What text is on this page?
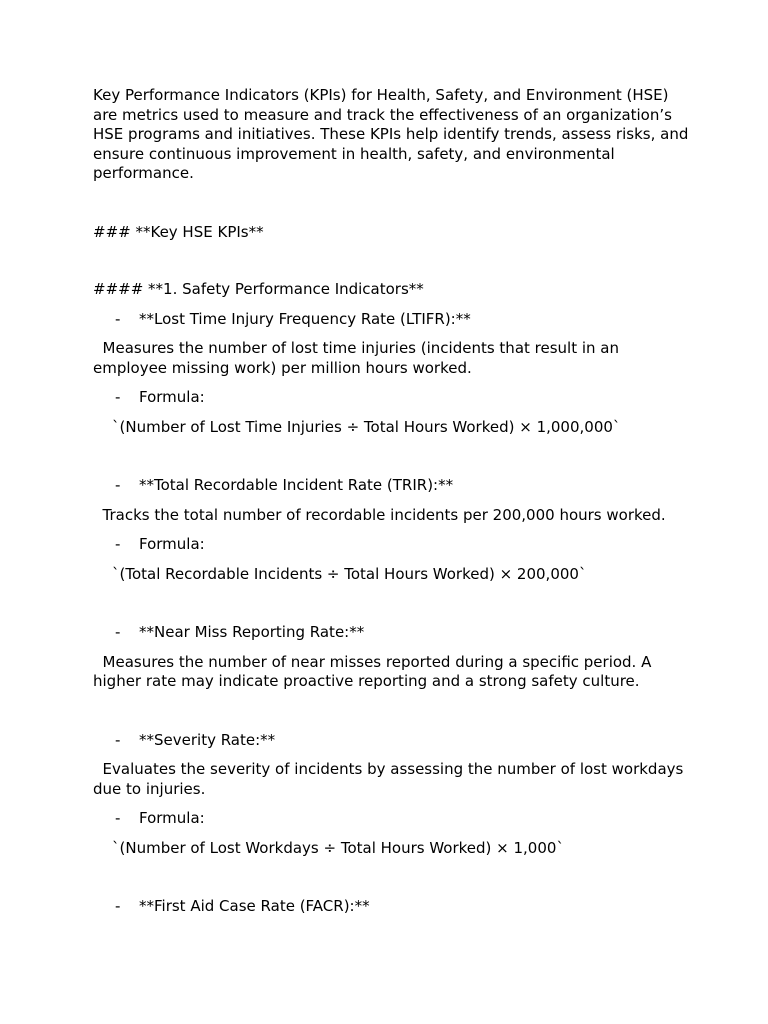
Key Performance Indicators (KPIs) for Health, Safety, and Environment (HSE) are metrics used to measure and track the effectiveness of an organization’s HSE programs and initiatives. These KPIs help identify trends, assess risks, and ensure continuous improvement in health, safety, and environmental performance.

### **Key HSE KPIs**

#### **1. Safety Performance Indicators**

- **Lost Time Injury Frequency Rate (LTIFR):**

Measures the number of lost time injuries (incidents that result in an employee missing work) per million hours worked.

- Formula:

`(Number of Lost Time Injuries ÷ Total Hours Worked) × 1,000,000`

- **Total Recordable Incident Rate (TRIR):**

Tracks the total number of recordable incidents per 200,000 hours worked.

- Formula:

`(Total Recordable Incidents ÷ Total Hours Worked) × 200,000`

- **Near Miss Reporting Rate:**

Measures the number of near misses reported during a specific period. A higher rate may indicate proactive reporting and a strong safety culture.

- **Severity Rate:**

Evaluates the severity of incidents by assessing the number of lost workdays due to injuries.

- Formula:

`(Number of Lost Workdays ÷ Total Hours Worked) × 1,000`

- **First Aid Case Rate (FACR):**
